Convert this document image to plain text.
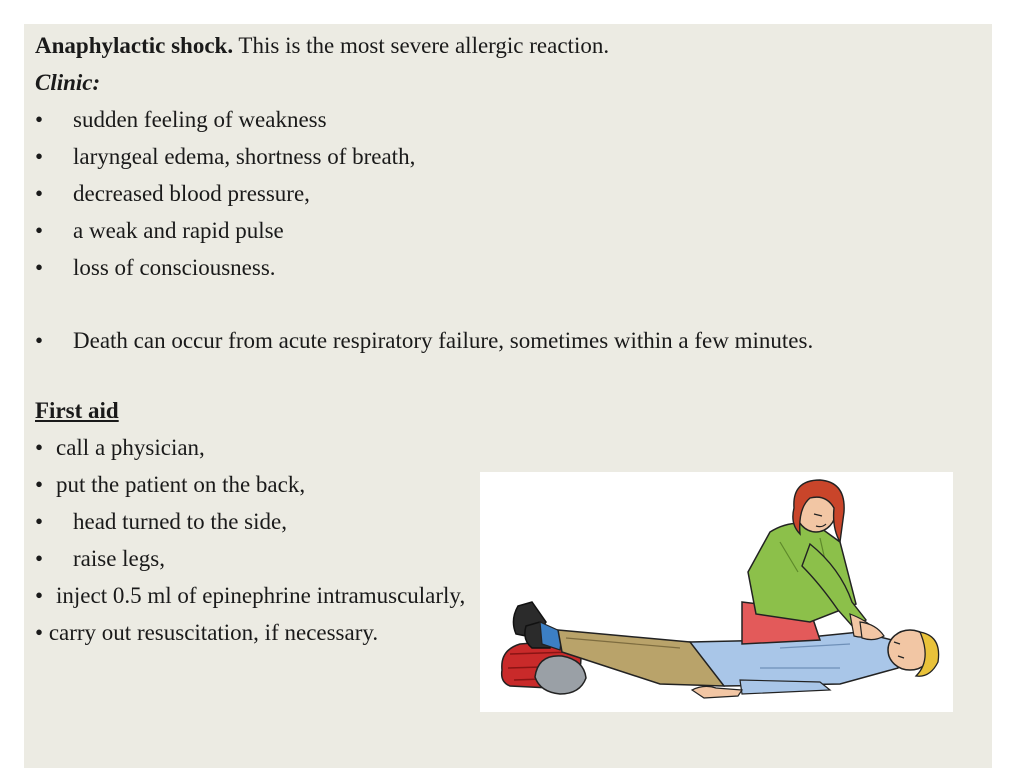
Anaphylactic shock. This is the most severe allergic reaction.
Clinic:
• sudden feeling of weakness
• laryngeal edema, shortness of breath,
• decreased blood pressure,
• a weak and rapid pulse
• loss of consciousness.
• Death can occur from acute respiratory failure, sometimes within a few minutes.
First aid
• call a physician,
• put the patient on the back,
• head turned to the side,
• raise legs,
• inject 0.5 ml of epinephrine intramuscularly,
• carry out resuscitation, if necessary.
